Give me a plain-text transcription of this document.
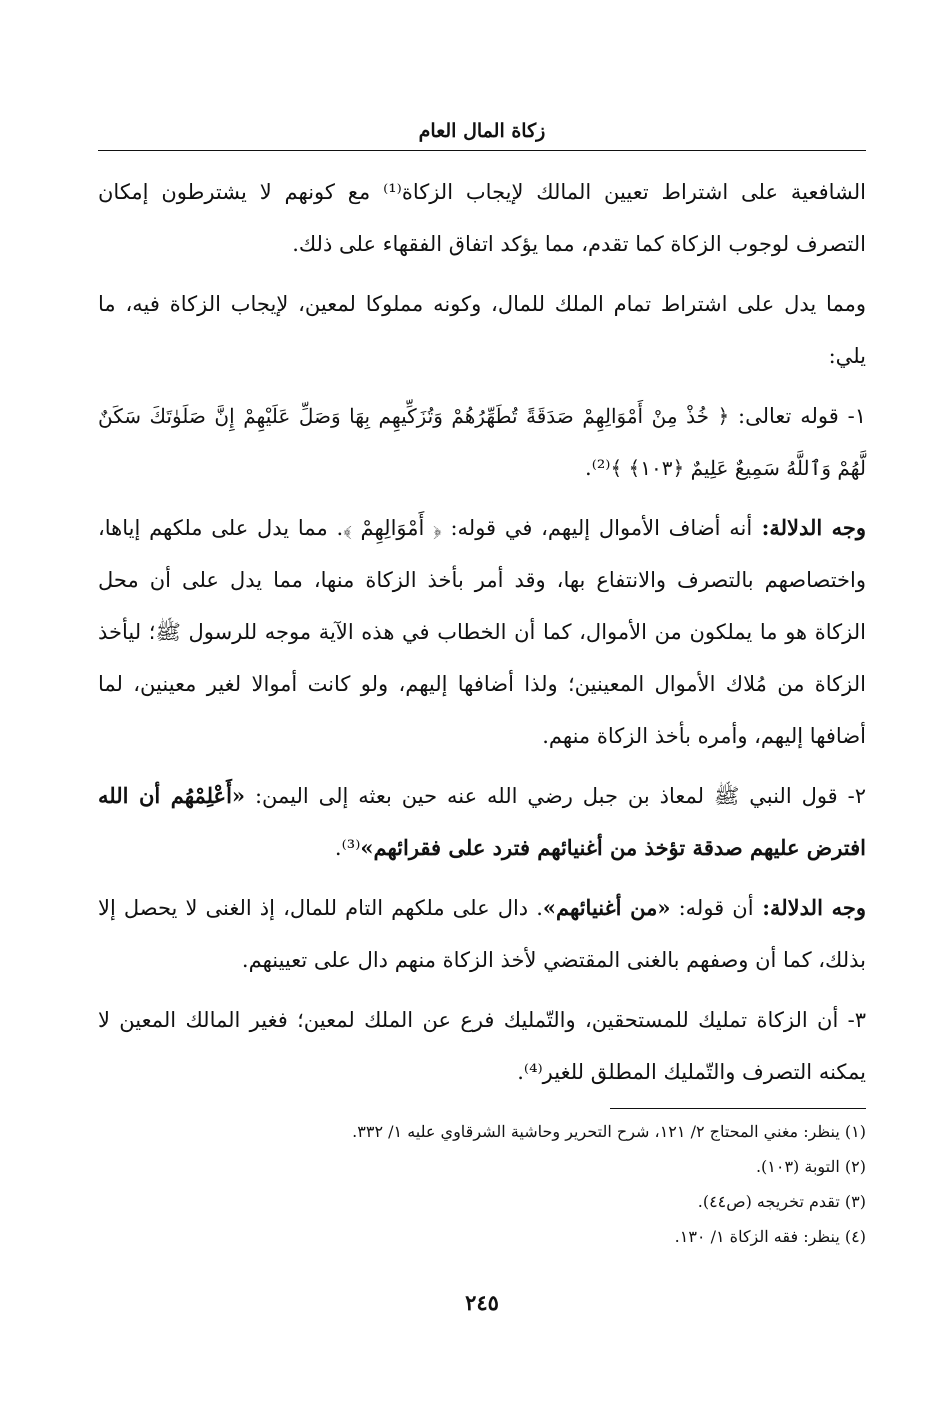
زكاة المال العام

الشافعية على اشتراط تعيين المالك لإيجاب الزكاة⁽¹⁾ مع كونهم لا يشترطون إمكان التصرف لوجوب الزكاة كما تقدم، مما يؤكد اتفاق الفقهاء على ذلك.

ومما يدل على اشتراط تمام الملك للمال، وكونه مملوكا لمعين، لإيجاب الزكاة فيه، ما يلي:

١- قوله تعالى: ﴿ خُذْ مِنْ أَمْوَالِهِمْ صَدَقَةً تُطَهِّرُهُمْ وَتُزَكِّيهِم بِهَا وَصَلِّ عَلَيْهِمْ إِنَّ صَلَوٰتَكَ سَكَنٌ لَّهُمْ وَٱللَّهُ سَمِيعٌ عَلِيمٌ ﴿١٠٣﴾ ﴾⁽²⁾.

وجه الدلالة: أنه أضاف الأموال إليهم، في قوله: ﴿ أَمْوَالِهِمْ ﴾. مما يدل على ملكهم إياها، واختصاصهم بالتصرف والانتفاع بها، وقد أمر بأخذ الزكاة منها، مما يدل على أن محل الزكاة هو ما يملكون من الأموال، كما أن الخطاب في هذه الآية موجه للرسول ﷺ؛ ليأخذ الزكاة من مُلاك الأموال المعينين؛ ولذا أضافها إليهم، ولو كانت أموالا لغير معينين، لما أضافها إليهم، وأمره بأخذ الزكاة منهم.

٢- قول النبي ﷺ لمعاذ بن جبل رضي الله عنه حين بعثه إلى اليمن: «أَعْلِمْهُم أن الله افترض عليهم صدقة تؤخذ من أغنيائهم فترد على فقرائهم»⁽³⁾.

وجه الدلالة: أن قوله: «من أغنيائهم». دال على ملكهم التام للمال، إذ الغنى لا يحصل إلا بذلك، كما أن وصفهم بالغنى المقتضي لأخذ الزكاة منهم دال على تعيينهم.

٣- أن الزكاة تمليك للمستحقين، والتّمليك فرع عن الملك لمعين؛ فغير المالك المعين لا يمكنه التصرف والتّمليك المطلق للغير⁽⁴⁾.

(١) ينظر: مغني المحتاج ٢/ ١٢١، شرح التحرير وحاشية الشرقاوي عليه ١/ ٣٣٢.

(٢) التوبة (١٠٣).

(٣) تقدم تخريجه (ص٤٤).

(٤) ينظر: فقه الزكاة ١/ ١٣٠.

٢٤٥
